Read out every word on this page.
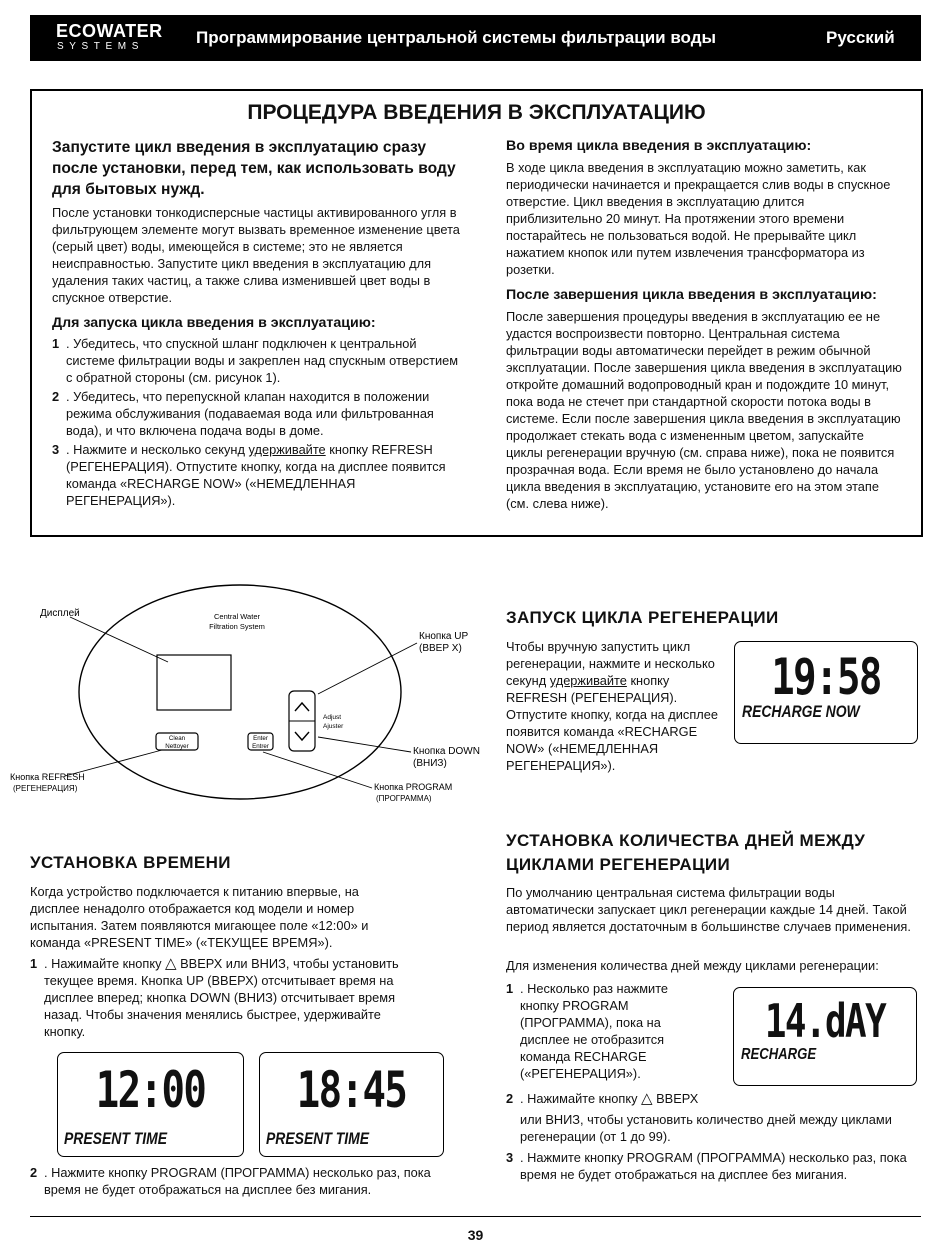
ECOWATER
SYSTEMS	Программирование центральной системы фильтрации воды	Русский
ПРОЦЕДУРА ВВЕДЕНИЯ В ЭКСПЛУАТАЦИЮ
Запустите цикл введения в эксплуатацию сразу после установки, перед тем, как использовать воду для бытовых нужд.
После установки тонкодисперсные частицы активированного угля в фильтрующем элементе могут вызвать временное изменение цвета (серый цвет) воды, имеющейся в системе; это не является неисправностью. Запустите цикл введения в эксплуатацию для удаления таких частиц, а также слива изменившей цвет воды в спускное отверстие.
Для запуска цикла введения в эксплуатацию:
1 . Убедитесь, что спускной шланг подключен к центральной системе фильтрации воды и закреплен над спускным отверстием с обратной стороны (см. рисунок 1).
2 . Убедитесь, что перепускной клапан находится в положении режима обслуживания (подаваемая вода или фильтрованная вода), и что включена подача воды в доме.
3 . Нажмите и несколько секунд удерживайте кнопку REFRESH (РЕГЕНЕРАЦИЯ). Отпустите кнопку, когда на дисплее появится команда «RECHARGE NOW» («НЕМЕДЛЕННАЯ РЕГЕНЕРАЦИЯ»).
Во время цикла введения в эксплуатацию:
В ходе цикла введения в эксплуатацию можно заметить, как периодически начинается и прекращается слив воды в спускное отверстие. Цикл введения в эксплуатацию длится приблизительно 20 минут. На протяжении этого времени постарайтесь не пользоваться водой. Не прерывайте цикл нажатием кнопок или путем извлечения трансформатора из розетки.
После завершения цикла введения в эксплуатацию:
После завершения процедуры введения в эксплуатацию ее не удастся воспроизвести повторно. Центральная система фильтрации воды автоматически перейдет в режим обычной эксплуатации. После завершения цикла введения в эксплуатацию откройте домашний водопроводный кран и подождите 10 минут, пока вода не стечет при стандартной скорости потока воды в системе. Если после завершения цикла введения в эксплуатацию продолжает стекать вода с измененным цветом, запускайте циклы регенерации вручную (см. справа ниже), пока не появится прозрачная вода. Если время не было установлено до начала цикла введения в эксплуатацию, установите его на этом этапе (см. слева ниже).
Дисплей	Central Water
Filtration System
Кнопка UP
(ВВЕР Х)
Adjust
Ajuster
Кнопка DOWN
(ВНИЗ)
Clean
Nettoyer
Enter
Entrer
Кнопка REFRESH
(РЕГЕНЕРАЦИЯ)	Кнопка PROGRAM
(ПРОГРАММА)
ЗАПУСК ЦИКЛА РЕГЕНЕРАЦИИ
Чтобы вручную запустить цикл регенерации, нажмите и несколько секунд удерживайте кнопку REFRESH (РЕГЕНЕРАЦИЯ). Отпустите кнопку, когда на дисплее появится команда «RECHARGE NOW» («НЕМЕДЛЕННАЯ РЕГЕНЕРАЦИЯ»).
19:58
RECHARGE NOW
УСТАНОВКА ВРЕМЕНИ
Когда устройство подключается к питанию впервые, на дисплее ненадолго отображается код модели и номер испытания. Затем появляются мигающее поле «12:00» и команда «PRESENT TIME» («ТЕКУЩЕЕ ВРЕМЯ»).
1 . Нажимайте кнопку △ ВВЕРХ или ВНИЗ, чтобы установить текущее время. Кнопка UP (ВВЕРХ) отсчитывает время на дисплее вперед; кнопка DOWN (ВНИЗ) отсчитывает время назад. Чтобы значения менялись быстрее, удерживайте кнопку.
12:00
PRESENT TIME
18:45
PRESENT TIME
2 . Нажмите кнопку PROGRAM (ПРОГРАММА) несколько раз, пока время не будет отображаться на дисплее без мигания.
УСТАНОВКА КОЛИЧЕСТВА ДНЕЙ МЕЖДУ
ЦИКЛАМИ РЕГЕНЕРАЦИИ
По умолчанию центральная система фильтрации воды автоматически запускает цикл регенерации каждые 14 дней. Такой период является достаточным в большинстве случаев применения.
Для изменения количества дней между циклами регенерации:
1 . Несколько раз нажмите кнопку PROGRAM (ПРОГРАММА), пока на дисплее не отобразится команда RECHARGE («РЕГЕНЕРАЦИЯ»).
14.dAY
RECHARGE
2 . Нажимайте кнопку △ ВВЕРХ
или ВНИЗ, чтобы установить количество дней между циклами регенерации (от 1 до 99).
3 . Нажмите кнопку PROGRAM (ПРОГРАММА) несколько раз, пока время не будет отображаться на дисплее без мигания.
39
